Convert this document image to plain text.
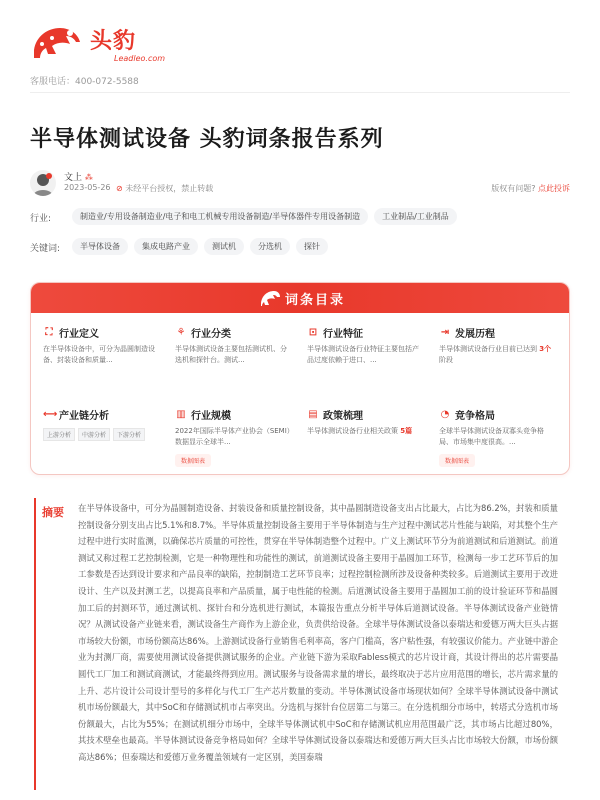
头豹
Leadleo.com
客服电话：400-072-5588
半导体测试设备 头豹词条报告系列
文上 ⁂
2023-05-26 ⊘ 未经平台授权，禁止转载	版权有问题? 点此投诉
行业:	制造业/专用设备制造业/电子和电工机械专用设备制造/半导体器件专用设备制造	工业制品/工业制品
关键词:	半导体设备	集成电路产业	测试机	分选机	探针
词条目录
⛶ 行业定义
在半导体设备中，可分为晶圆制造设备、封装设备和质量...
⚘ 行业分类
半导体测试设备主要包括测试机、分选机和探针台。测试...
⊡ 行业特征
半导体测试设备行业特征主要包括产品过度依赖于进口、...
⇥ 发展历程
半导体测试设备行业目前已达到 3个阶段
⟷ 产业链分析
上游分析 中游分析 下游分析
▥ 行业规模
2022年国际半导体产业协会（SEMI）数据显示全球半...
数据图表
▤ 政策梳理
半导体测试设备行业相关政策 5篇
◔ 竞争格局
全球半导体测试设备双寡头竞争格局、市场集中度很高。...
数据图表
摘要 在半导体设备中，可分为晶圆制造设备、封装设备和质量控制设备，其中晶圆制造设备支出占比最大，占比为86.2%，封装和质量控制设备分别支出占比5.1%和8.7%。半导体质量控制设备主要用于半导体制造与生产过程中测试芯片性能与缺陷，对其整个生产过程中进行实时监测，以确保芯片质量的可控性，贯穿在半导体制造整个过程中。广义上测试环节分为前道测试和后道测试。前道测试又称过程工艺控制检测，它是一种物理性和功能性的测试，前道测试设备主要用于晶圆加工环节，检测每一步工艺环节后的加工参数是否达到设计要求和产品良率的缺陷，控制制造工艺环节良率；过程控制检测所涉及设备种类较多。后道测试主要用于改进设计、生产以及封测工艺，以提高良率和产品质量，属于电性能的检测。后道测试设备主要用于晶圆加工前的设计验证环节和晶圆加工后的封测环节，通过测试机、探针台和分选机进行测试，本篇报告重点分析半导体后道测试设备。半导体测试设备产业链情况？从测试设备产业链来看，测试设备生产商作为上游企业，负责供给设备。全球半导体测试设备以泰瑞达和爱德万两大巨头占据市场较大份额，市场份额高达86%。上游测试设备行业销售毛利率高，客户门槛高，客户粘性强，有较强议价能力。产业链中游企业为封测厂商，需要使用测试设备提供测试服务的企业。产业链下游为采取Fabless模式的芯片设计商，其设计得出的芯片需要晶圆代工厂加工和测试商测试，才能最终得到应用。测试服务与设备需求量的增长，最终取决于芯片应用范围的增长，芯片需求量的上升、芯片设计公司设计型号的多样化与代工厂生产芯片数量的变动。半导体测试设备市场现状如何？全球半导体测试设备中测试机市场份额最大，其中SoC和存储测试机市占率突出。分选机与探针台位居第二与第三。在分选机细分市场中，转塔式分选机市场份额最大，占比为55%；在测试机细分市场中，全球半导体测试机中SoC和存储测试机应用范围最广泛，其市场占比超过80%，其技术壁垒也最高。半导体测试设备竞争格局如何？全球半导体测试设备以泰瑞达和爱德万两大巨头占比市场较大份额，市场份额高达86%；但泰瑞达和爱德万业务覆盖领域有一定区别，美国泰瑞
